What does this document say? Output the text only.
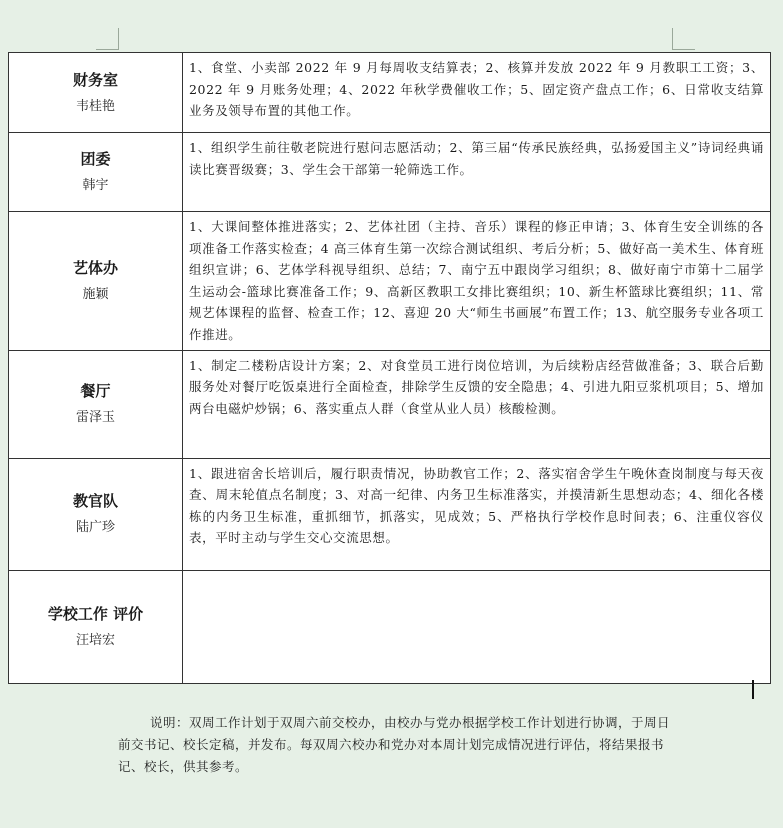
财务室
韦桂艳	1、食堂、小卖部 2022 年 9 月每周收支结算表；2、核算并发放 2022 年 9 月教职工工资；3、2022 年 9 月账务处理；4、2022 年秋学费催收工作；5、固定资产盘点工作；6、日常收支结算业务及领导布置的其他工作。

团委
韩宇	1、组织学生前往敬老院进行慰问志愿活动；2、第三届“传承民族经典，弘扬爱国主义”诗词经典诵读比赛晋级赛；3、学生会干部第一轮筛选工作。

艺体办
施颖	1、大课间整体推进落实；2、艺体社团（主持、音乐）课程的修正申请；3、体育生安全训练的各项准备工作落实检查；4 高三体育生第一次综合测试组织、考后分析；5、做好高一美术生、体育班组织宣讲；6、艺体学科视导组织、总结；7、南宁五中跟岗学习组织；8、做好南宁市第十二届学生运动会-篮球比赛准备工作；9、高新区教职工女排比赛组织；10、新生杯篮球比赛组织；11、常规艺体课程的监督、检查工作；12、喜迎 20 大“师生书画展”布置工作；13、航空服务专业各项工作推进。

餐厅
雷泽玉	1、制定二楼粉店设计方案；2、对食堂员工进行岗位培训，为后续粉店经营做准备；3、联合后勤服务处对餐厅吃饭桌进行全面检查，排除学生反馈的安全隐患；4、引进九阳豆浆机项目；5、增加两台电磁炉炒锅；6、落实重点人群（食堂从业人员）核酸检测。

教官队
陆广珍	1、跟进宿舍长培训后，履行职责情况，协助教官工作；2、落实宿舍学生午晚休查岗制度与每天夜查、周末轮值点名制度；3、对高一纪律、内务卫生标准落实，并摸清新生思想动态；4、细化各楼栋的内务卫生标准，重抓细节，抓落实，见成效；5、严格执行学校作息时间表；6、注重仪容仪表，平时主动与学生交心交流思想。

学校工作 评价
汪培宏	

说明：双周工作计划于双周六前交校办，由校办与党办根据学校工作计划进行协调，于周日前交书记、校长定稿，并发布。每双周六校办和党办对本周计划完成情况进行评估，将结果报书记、校长，供其参考。
